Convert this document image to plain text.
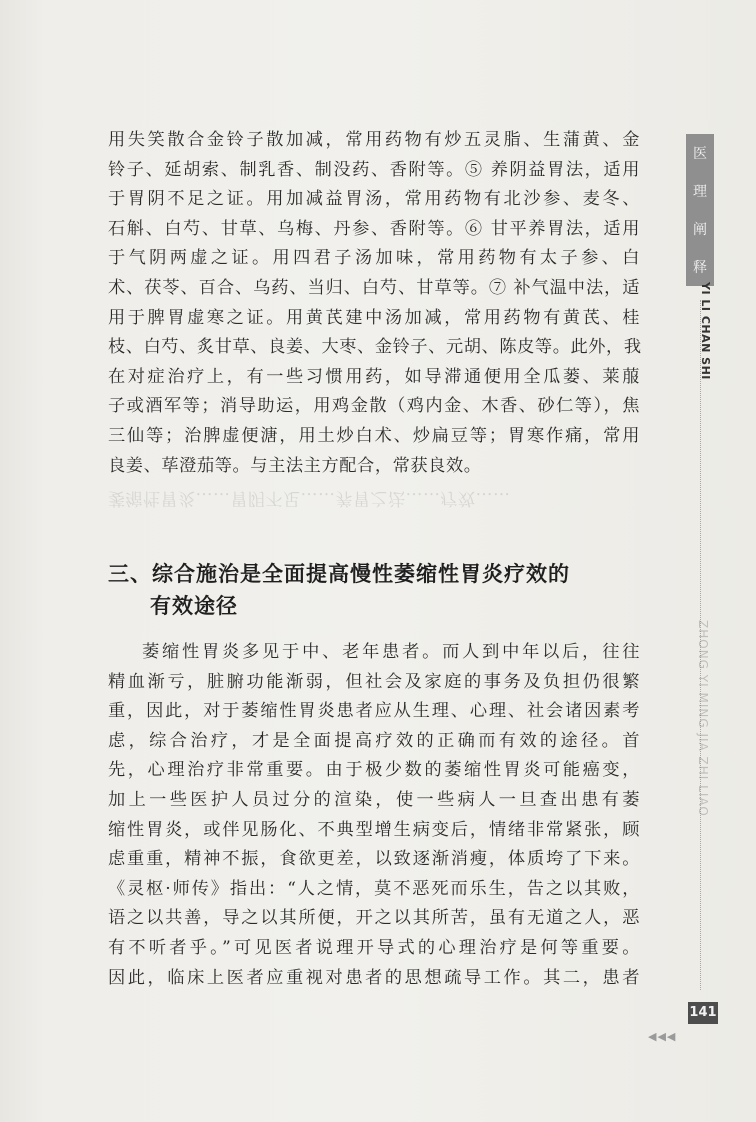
萎缩性胃炎……胃阴不足……养胃之法……疗效……

用失笑散合金铃子散加减，常用药物有炒五灵脂、生蒲黄、金
铃子、延胡索、制乳香、制没药、香附等。⑤ 养阴益胃法，适用
于胃阴不足之证。用加减益胃汤，常用药物有北沙参、麦冬、
石斛、白芍、甘草、乌梅、丹参、香附等。⑥ 甘平养胃法，适用
于气阴两虚之证。用四君子汤加味，常用药物有太子参、白
术、茯苓、百合、乌药、当归、白芍、甘草等。⑦ 补气温中法，适
用于脾胃虚寒之证。用黄芪建中汤加减，常用药物有黄芪、桂
枝、白芍、炙甘草、良姜、大枣、金铃子、元胡、陈皮等。此外，我
在对症治疗上，有一些习惯用药，如导滞通便用全瓜蒌、莱菔
子或酒军等；消导助运，用鸡金散（鸡内金、木香、砂仁等），焦
三仙等；治脾虚便溏，用土炒白术、炒扁豆等；胃寒作痛，常用
良姜、荜澄茄等。与主法主方配合，常获良效。

三、综合施治是全面提高慢性萎缩性胃炎疗效的
有效途径

萎缩性胃炎多见于中、老年患者。而人到中年以后，往往
精血渐亏，脏腑功能渐弱，但社会及家庭的事务及负担仍很繁
重，因此，对于萎缩性胃炎患者应从生理、心理、社会诸因素考
虑，综合治疗，才是全面提高疗效的正确而有效的途径。首
先，心理治疗非常重要。由于极少数的萎缩性胃炎可能癌变，
加上一些医护人员过分的渲染，使一些病人一旦查出患有萎
缩性胃炎，或伴见肠化、不典型增生病变后，情绪非常紧张，顾
虑重重，精神不振，食欲更差，以致逐渐消瘦，体质垮了下来。
《灵枢·师传》指出：“人之情，莫不恶死而乐生，告之以其败，
语之以共善，导之以其所便，开之以其所苦，虽有无道之人，恶
有不听者乎。”可见医者说理开导式的心理治疗是何等重要。
因此，临床上医者应重视对患者的思想疏导工作。其二，患者

医
理
阐
释
YI LI CHAN SHI
ZHONG YI MING JIA ZHI LIAO
141
◀◀◀
